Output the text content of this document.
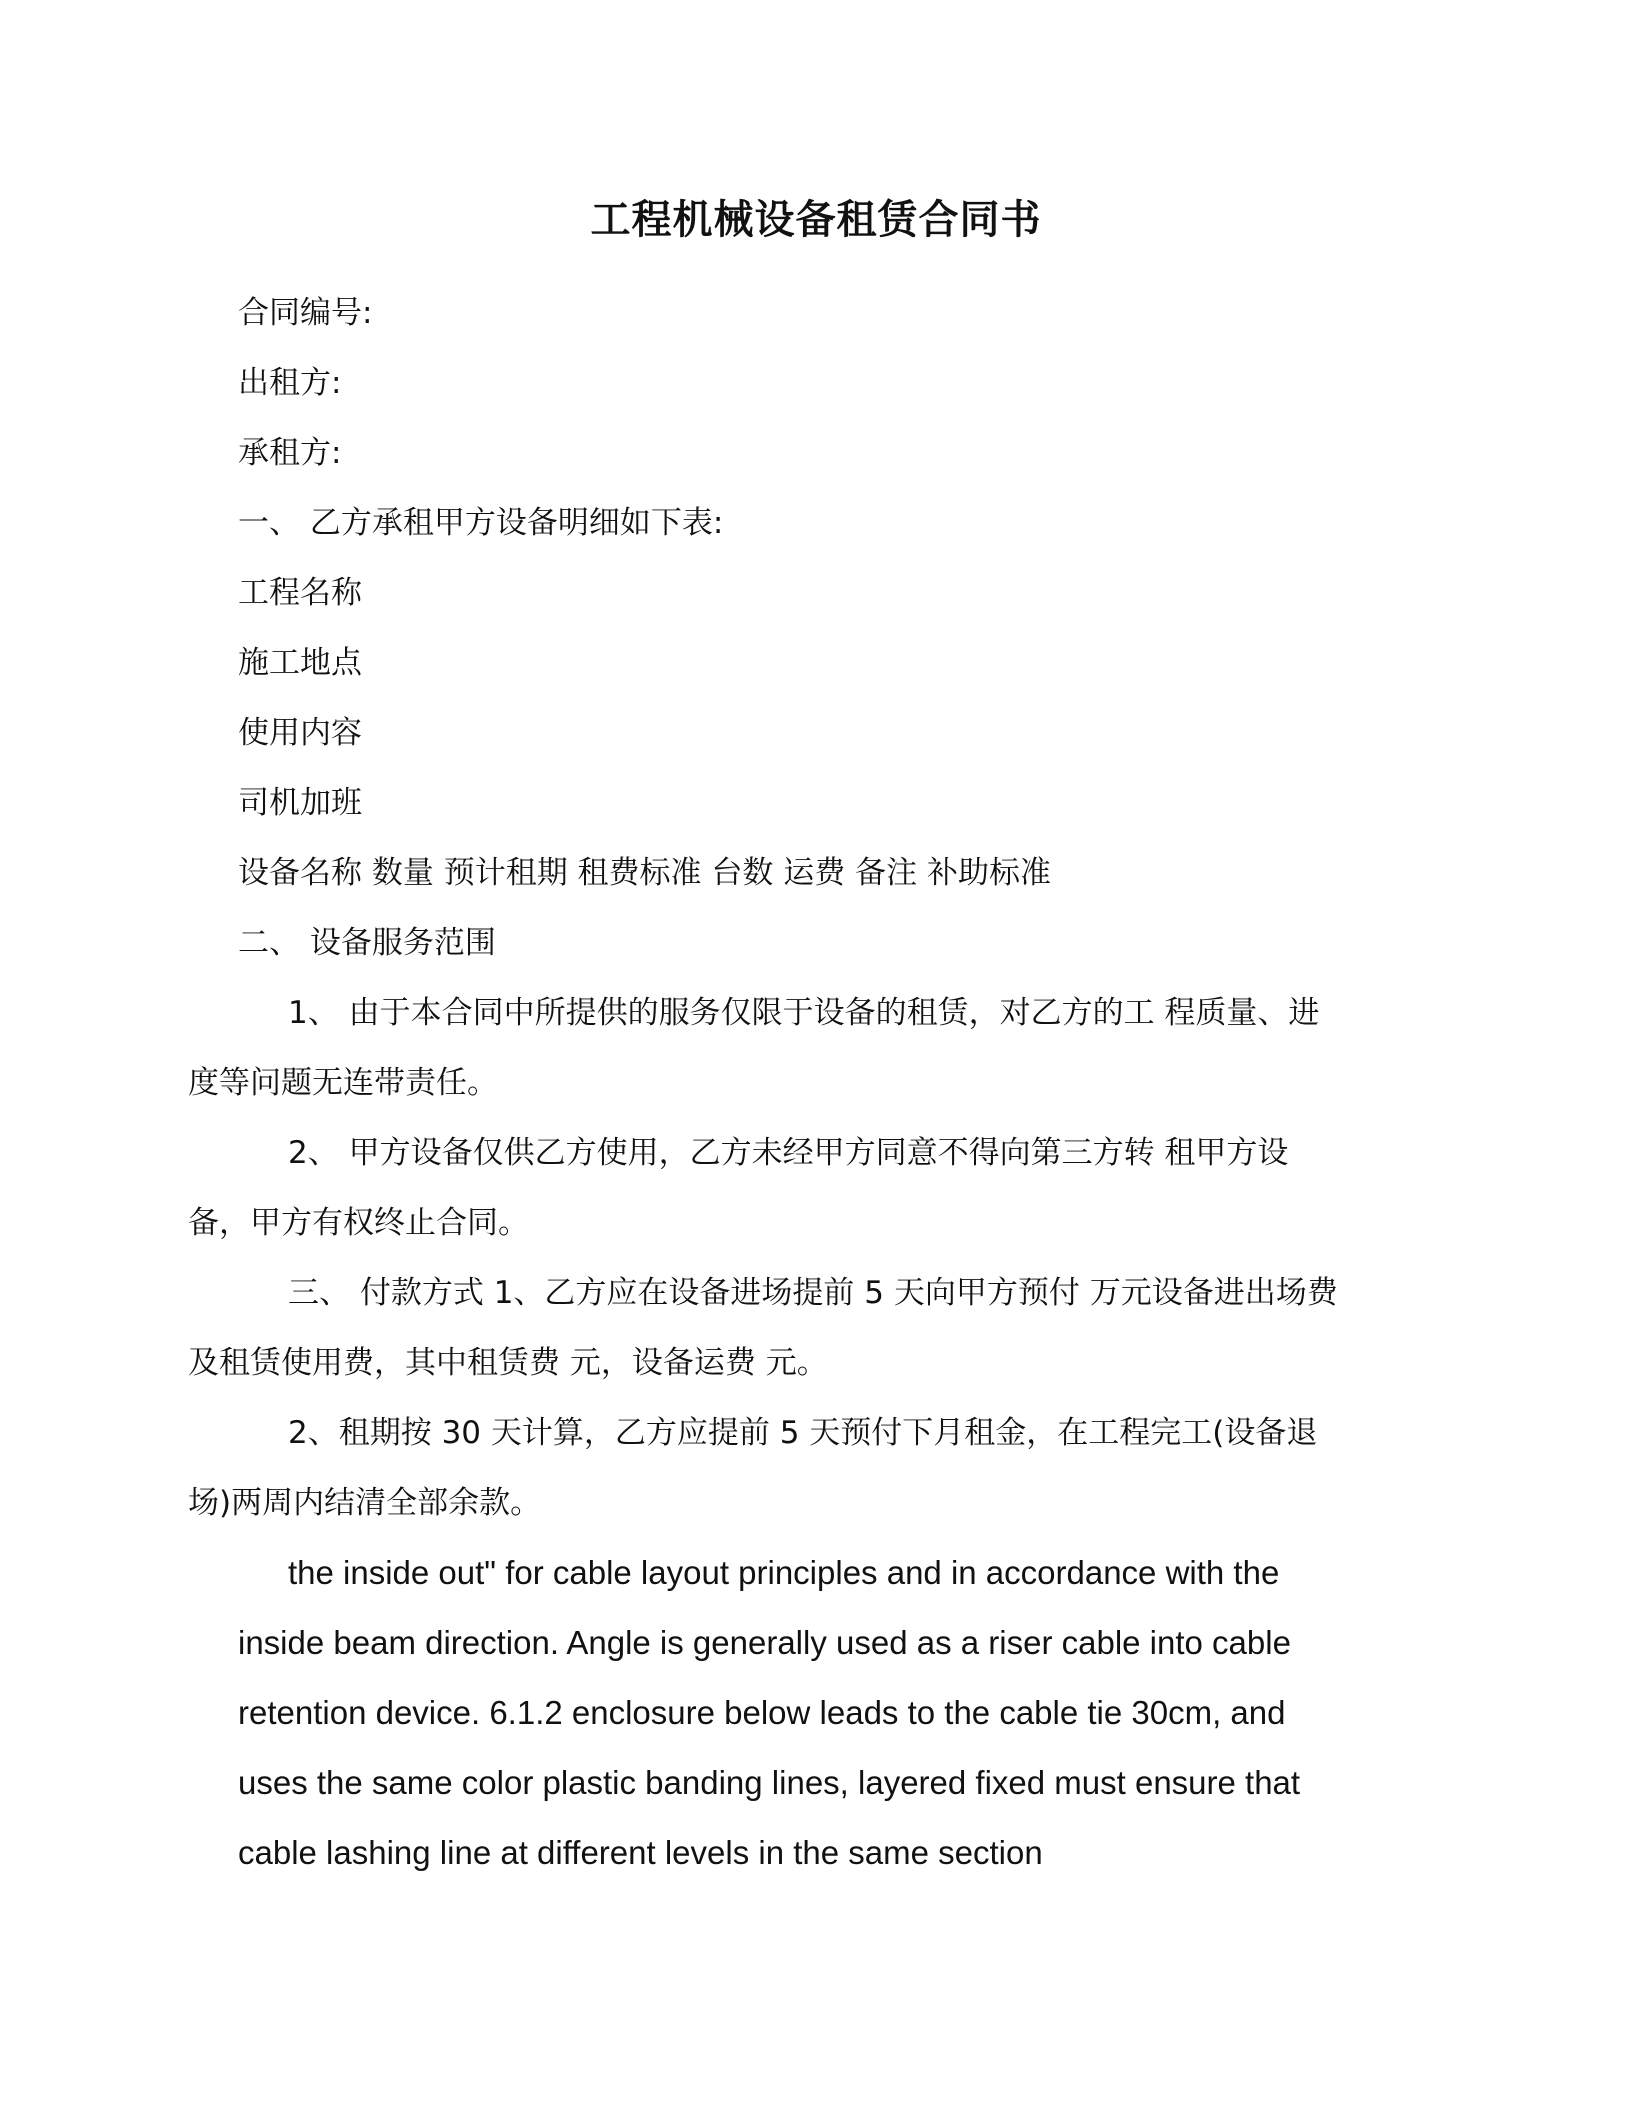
工程机械设备租赁合同书

合同编号:

出租方:

承租方:

一、 乙方承租甲方设备明细如下表:

工程名称

施工地点

使用内容

司机加班

设备名称 数量 预计租期 租费标准 台数 运费 备注 补助标准

二、 设备服务范围

1、 由于本合同中所提供的服务仅限于设备的租赁，对乙方的工 程质量、进度等问题无连带责任。

2、 甲方设备仅供乙方使用，乙方未经甲方同意不得向第三方转 租甲方设备，甲方有权终止合同。

三、 付款方式 1、乙方应在设备进场提前 5 天向甲方预付 万元设备进出场费及租赁使用费，其中租赁费 元，设备运费 元。

2、租期按 30 天计算，乙方应提前 5 天预付下月租金，在工程完工(设备退场)两周内结清全部余款。

the inside out" for cable layout principles and in accordance with the inside beam direction. Angle is generally used as a riser cable into cable retention device. 6.1.2 enclosure below leads to the cable tie 30cm, and uses the same color plastic banding lines, layered fixed must ensure that cable lashing line at different levels in the same section
